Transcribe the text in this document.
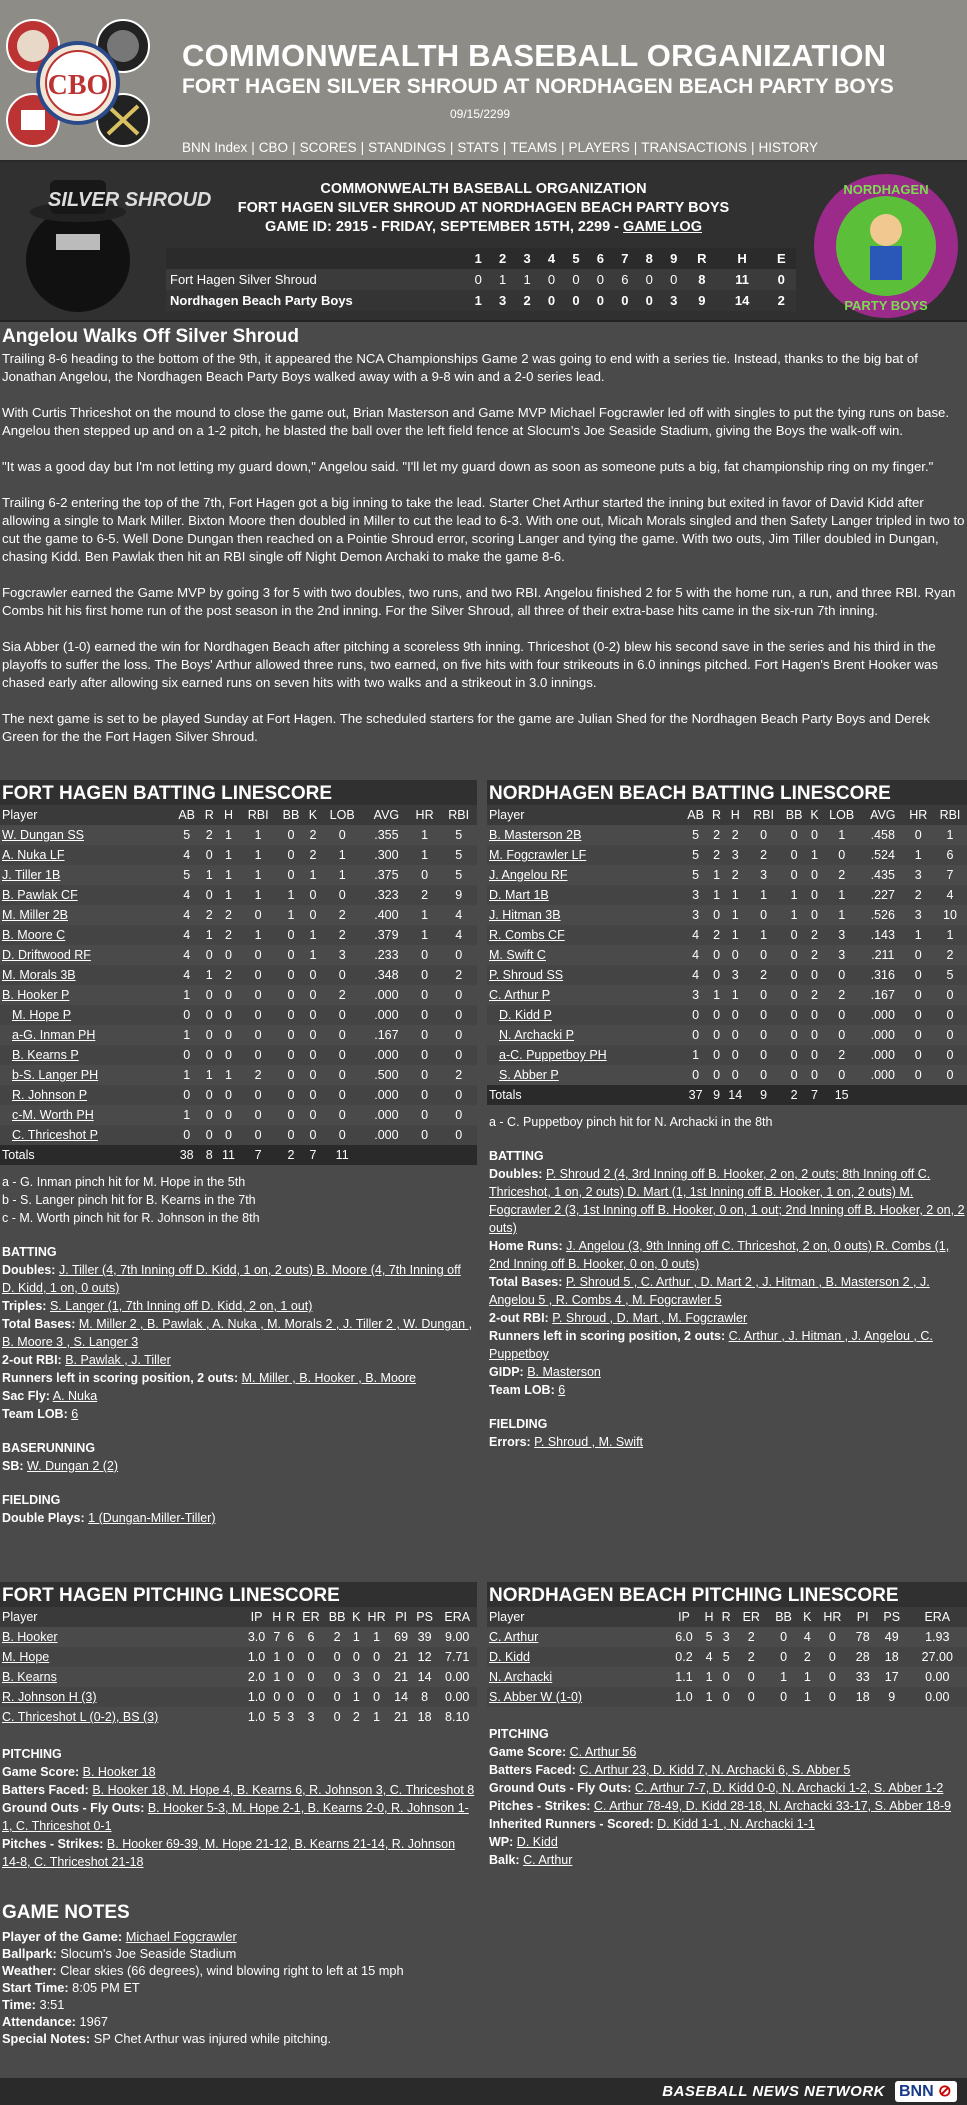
CBO
COMMONWEALTH BASEBALL ORGANIZATION
FORT HAGEN SILVER SHROUD AT NORDHAGEN BEACH PARTY BOYS
09/15/2299
BNN Index | CBO | SCORES | STANDINGS | STATS | TEAMS | PLAYERS | TRANSACTIONS | HISTORY
SILVER SHROUD	COMMONWEALTH BASEBALL ORGANIZATION
FORT HAGEN SILVER SHROUD AT NORDHAGEN BEACH PARTY BOYS
GAME ID: 2915 - FRIDAY, SEPTEMBER 15TH, 2299 - GAME LOG
	1	2	3	4	5	6	7	8	9	R	H	E
Fort Hagen Silver Shroud	0	1	1	0	0	0	6	0	0	8	11	0
Nordhagen Beach Party Boys	1	3	2	0	0	0	0	0	3	9	14	2
NORDHAGEN
PARTY BOYS
Angelou Walks Off Silver Shroud

Trailing 8-6 heading to the bottom of the 9th, it appeared the NCA Championships Game 2 was going to end with a series tie. Instead, thanks to the big bat of Jonathan Angelou, the Nordhagen Beach Party Boys walked away with a 9-8 win and a 2-0 series lead.

With Curtis Thriceshot on the mound to close the game out, Brian Masterson and Game MVP Michael Fogcrawler led off with singles to put the tying runs on base. Angelou then stepped up and on a 1-2 pitch, he blasted the ball over the left field fence at Slocum's Joe Seaside Stadium, giving the Boys the walk-off win.

"It was a good day but I'm not letting my guard down," Angelou said. "I'll let my guard down as soon as someone puts a big, fat championship ring on my finger."

Trailing 6-2 entering the top of the 7th, Fort Hagen got a big inning to take the lead. Starter Chet Arthur started the inning but exited in favor of David Kidd after allowing a single to Mark Miller. Bixton Moore then doubled in Miller to cut the lead to 6-3. With one out, Micah Morals singled and then Safety Langer tripled in two to cut the game to 6-5. Well Done Dungan then reached on a Pointie Shroud error, scoring Langer and tying the game. With two outs, Jim Tiller doubled in Dungan, chasing Kidd. Ben Pawlak then hit an RBI single off Night Demon Archaki to make the game 8-6.

Fogcrawler earned the Game MVP by going 3 for 5 with two doubles, two runs, and two RBI. Angelou finished 2 for 5 with the home run, a run, and three RBI. Ryan Combs hit his first home run of the post season in the 2nd inning. For the Silver Shroud, all three of their extra-base hits came in the six-run 7th inning.

Sia Abber (1-0) earned the win for Nordhagen Beach after pitching a scoreless 9th inning. Thriceshot (0-2) blew his second save in the series and his third in the playoffs to suffer the loss. The Boys' Arthur allowed three runs, two earned, on five hits with four strikeouts in 6.0 innings pitched. Fort Hagen's Brent Hooker was chased early after allowing six earned runs on seven hits with two walks and a strikeout in 3.0 innings.

The next game is set to be played Sunday at Fort Hagen. The scheduled starters for the game are Julian Shed for the Nordhagen Beach Party Boys and Derek Green for the the Fort Hagen Silver Shroud.

FORT HAGEN BATTING LINESCORE
Player	AB	R	H	RBI	BB	K	LOB	AVG	HR	RBI
W. Dungan SS	5	2	1	1	0	2	0	.355	1	5
A. Nuka LF	4	0	1	1	0	2	1	.300	1	5
J. Tiller 1B	5	1	1	1	0	1	1	.375	0	5
B. Pawlak CF	4	0	1	1	1	0	0	.323	2	9
M. Miller 2B	4	2	2	0	1	0	2	.400	1	4
B. Moore C	4	1	2	1	0	1	2	.379	1	4
D. Driftwood RF	4	0	0	0	0	1	3	.233	0	0
M. Morals 3B	4	1	2	0	0	0	0	.348	0	2
B. Hooker P	1	0	0	0	0	0	2	.000	0	0
M. Hope P	0	0	0	0	0	0	0	.000	0	0
a-G. Inman PH	1	0	0	0	0	0	0	.167	0	0
B. Kearns P	0	0	0	0	0	0	0	.000	0	0
b-S. Langer PH	1	1	1	2	0	0	0	.500	0	2
R. Johnson P	0	0	0	0	0	0	0	.000	0	0
c-M. Worth PH	1	0	0	0	0	0	0	.000	0	0
C. Thriceshot P	0	0	0	0	0	0	0	.000	0	0
Totals	38	8	11	7	2	7	11			
a - G. Inman pinch hit for M. Hope in the 5th
b - S. Langer pinch hit for B. Kearns in the 7th
c - M. Worth pinch hit for R. Johnson in the 8th
BATTING
Doubles: J. Tiller (4, 7th Inning off D. Kidd, 1 on, 2 outs) B. Moore (4, 7th Inning off D. Kidd, 1 on, 0 outs)
Triples: S. Langer (1, 7th Inning off D. Kidd, 2 on, 1 out)
Total Bases: M. Miller 2 , B. Pawlak , A. Nuka , M. Morals 2 , J. Tiller 2 , W. Dungan , B. Moore 3 , S. Langer 3
2-out RBI: B. Pawlak , J. Tiller
Runners left in scoring position, 2 outs: M. Miller , B. Hooker , B. Moore
Sac Fly: A. Nuka
Team LOB: 6
BASERUNNING
SB: W. Dungan 2 (2)
FIELDING
Double Plays: 1 (Dungan-Miller-Tiller)
NORDHAGEN BEACH BATTING LINESCORE
Player	AB	R	H	RBI	BB	K	LOB	AVG	HR	RBI
B. Masterson 2B	5	2	2	0	0	0	1	.458	0	1
M. Fogcrawler LF	5	2	3	2	0	1	0	.524	1	6
J. Angelou RF	5	1	2	3	0	0	2	.435	3	7
D. Mart 1B	3	1	1	1	1	0	1	.227	2	4
J. Hitman 3B	3	0	1	0	1	0	1	.526	3	10
R. Combs CF	4	2	1	1	0	2	3	.143	1	1
M. Swift C	4	0	0	0	0	2	3	.211	0	2
P. Shroud SS	4	0	3	2	0	0	0	.316	0	5
C. Arthur P	3	1	1	0	0	2	2	.167	0	0
D. Kidd P	0	0	0	0	0	0	0	.000	0	0
N. Archacki P	0	0	0	0	0	0	0	.000	0	0
a-C. Puppetboy PH	1	0	0	0	0	0	2	.000	0	0
S. Abber P	0	0	0	0	0	0	0	.000	0	0
Totals	37	9	14	9	2	7	15			
a - C. Puppetboy pinch hit for N. Archacki in the 8th
BATTING
Doubles: P. Shroud 2 (4, 3rd Inning off B. Hooker, 2 on, 2 outs; 8th Inning off C. Thriceshot, 1 on, 2 outs) D. Mart (1, 1st Inning off B. Hooker, 1 on, 2 outs) M. Fogcrawler 2 (3, 1st Inning off B. Hooker, 0 on, 1 out; 2nd Inning off B. Hooker, 2 on, 2 outs)
Home Runs: J. Angelou (3, 9th Inning off C. Thriceshot, 2 on, 0 outs) R. Combs (1, 2nd Inning off B. Hooker, 0 on, 0 outs)
Total Bases: P. Shroud 5 , C. Arthur , D. Mart 2 , J. Hitman , B. Masterson 2 , J. Angelou 5 , R. Combs 4 , M. Fogcrawler 5
2-out RBI: P. Shroud , D. Mart , M. Fogcrawler
Runners left in scoring position, 2 outs: C. Arthur , J. Hitman , J. Angelou , C. Puppetboy
GIDP: B. Masterson
Team LOB: 6
FIELDING
Errors: P. Shroud , M. Swift
FORT HAGEN PITCHING LINESCORE
Player	IP	H	R	ER	BB	K	HR	PI	PS	ERA
B. Hooker	3.0	7	6	6	2	1	1	69	39	9.00
M. Hope	1.0	1	0	0	0	0	0	21	12	7.71
B. Kearns	2.0	1	0	0	0	3	0	21	14	0.00
R. Johnson H (3)	1.0	0	0	0	0	1	0	14	8	0.00
C. Thriceshot L (0-2), BS (3)	1.0	5	3	3	0	2	1	21	18	8.10
PITCHING
Game Score: B. Hooker 18
Batters Faced: B. Hooker 18, M. Hope 4, B. Kearns 6, R. Johnson 3, C. Thriceshot 8
Ground Outs - Fly Outs: B. Hooker 5-3, M. Hope 2-1, B. Kearns 2-0, R. Johnson 1-1, C. Thriceshot 0-1
Pitches - Strikes: B. Hooker 69-39, M. Hope 21-12, B. Kearns 21-14, R. Johnson 14-8, C. Thriceshot 21-18
NORDHAGEN BEACH PITCHING LINESCORE
Player	IP	H	R	ER	BB	K	HR	PI	PS	ERA
C. Arthur	6.0	5	3	2	0	4	0	78	49	1.93
D. Kidd	0.2	4	5	2	0	2	0	28	18	27.00
N. Archacki	1.1	1	0	0	1	1	0	33	17	0.00
S. Abber W (1-0)	1.0	1	0	0	0	1	0	18	9	0.00
PITCHING
Game Score: C. Arthur 56
Batters Faced: C. Arthur 23, D. Kidd 7, N. Archacki 6, S. Abber 5
Ground Outs - Fly Outs: C. Arthur 7-7, D. Kidd 0-0, N. Archacki 1-2, S. Abber 1-2
Pitches - Strikes: C. Arthur 78-49, D. Kidd 28-18, N. Archacki 33-17, S. Abber 18-9
Inherited Runners - Scored: D. Kidd 1-1 , N. Archacki 1-1
WP: D. Kidd
Balk: C. Arthur
GAME NOTES
Player of the Game: Michael Fogcrawler
Ballpark: Slocum's Joe Seaside Stadium
Weather: Clear skies (66 degrees), wind blowing right to left at 15 mph
Start Time: 8:05 PM ET
Time: 3:51
Attendance: 1967
Special Notes: SP Chet Arthur was injured while pitching.
BASEBALL NEWS NETWORK BNN ⊘
